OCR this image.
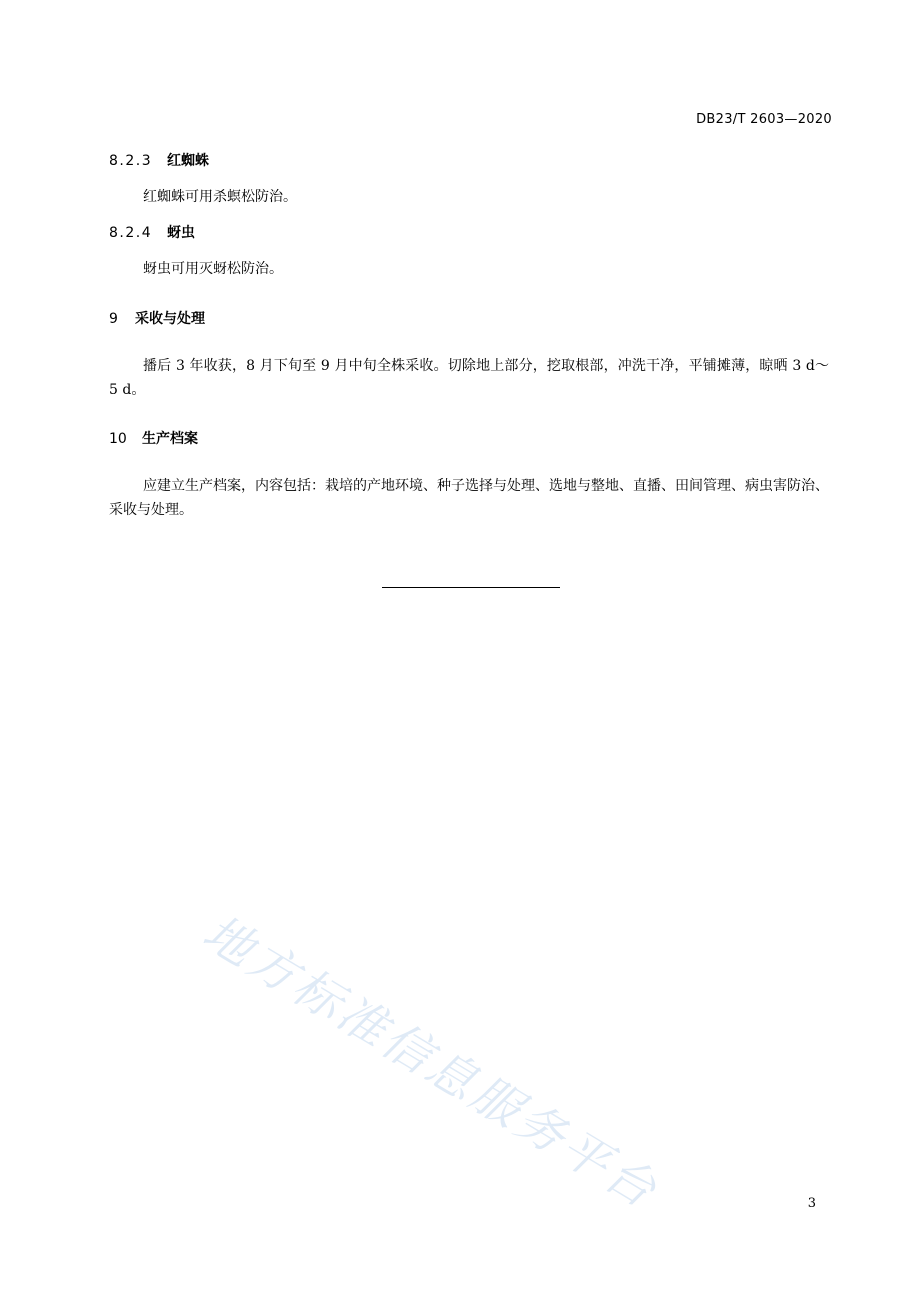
DB23/T 2603—2020
8.2.3 红蜘蛛
红蜘蛛可用杀螟松防治。
8.2.4 蚜虫
蚜虫可用灭蚜松防治。
9 采收与处理
播后 3 年收获，8 月下旬至 9 月中旬全株采收。切除地上部分，挖取根部，冲洗干净，平铺摊薄，晾晒 3 d～5 d。
10 生产档案
应建立生产档案，内容包括：栽培的产地环境、种子选择与处理、选地与整地、直播、田间管理、病虫害防治、采收与处理。
地方标准信息服务平台	3
